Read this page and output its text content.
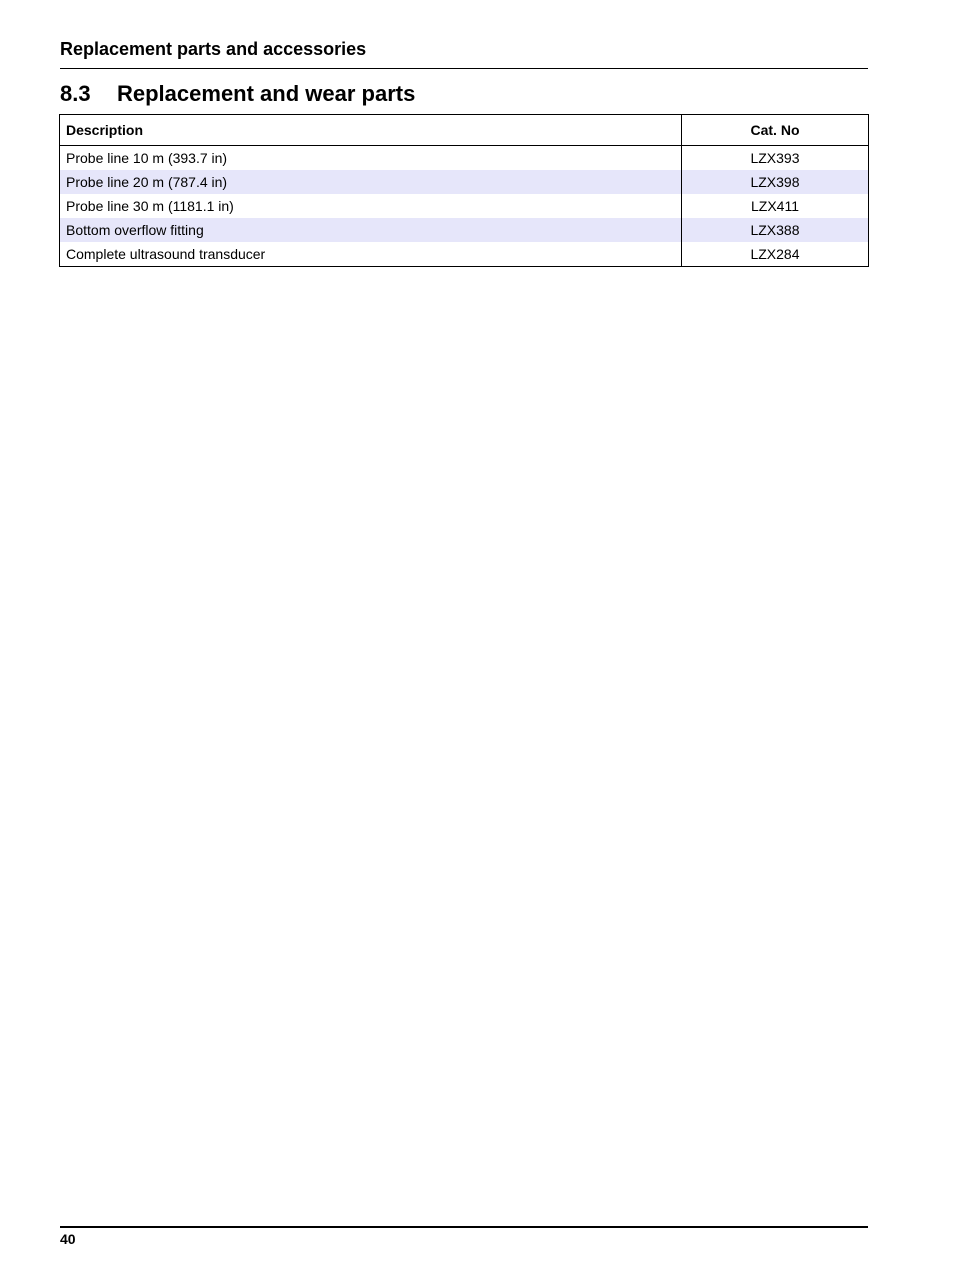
Replacement parts and accessories
8.3 Replacement and wear parts
Description	Cat. No
Probe line 10 m (393.7 in)	LZX393
Probe line 20 m (787.4 in)	LZX398
Probe line 30 m (1181.1 in)	LZX411
Bottom overflow fitting	LZX388
Complete ultrasound transducer	LZX284
40
